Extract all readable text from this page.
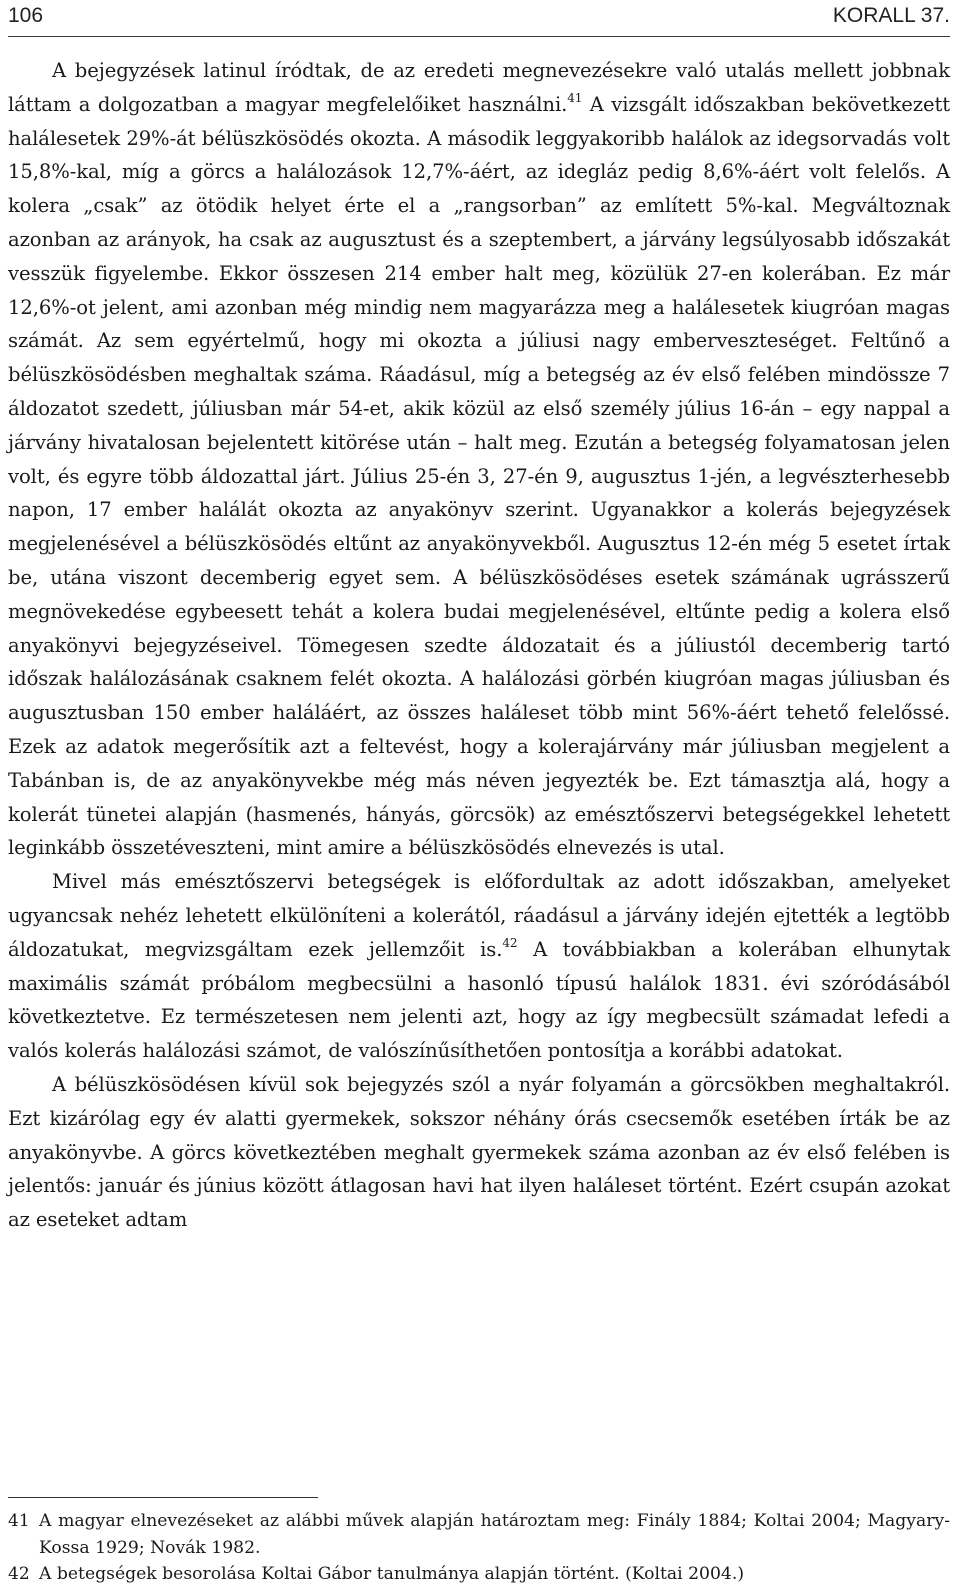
106	KORALL 37.

A bejegyzések latinul íródtak, de az eredeti megnevezésekre való utalás mellett jobbnak láttam a dolgozatban a magyar megfelelőiket használni.$^{41}$ A vizsgált időszakban bekövetkezett halálesetek 29%-át bélüszkösödés okozta. A második leggyakoribb halálok az idegsorvadás volt 15,8%-kal, míg a görcs a halálozások 12,7%-áért, az idegláz pedig 8,6%-áért volt felelős. A kolera „csak” az ötödik helyet érte el a „rangsorban” az említett 5%-kal. Megváltoznak azonban az arányok, ha csak az augusztust és a szeptembert, a járvány legsúlyosabb időszakát vesszük figyelembe. Ekkor összesen 214 ember halt meg, közülük 27-en kolerában. Ez már 12,6%-ot jelent, ami azonban még mindig nem magyarázza meg a halálesetek kiugróan magas számát. Az sem egyértelmű, hogy mi okozta a júliusi nagy emberveszteséget. Feltűnő a bélüszkösödésben meghaltak száma. Ráadásul, míg a betegség az év első felében mindössze 7 áldozatot szedett, júliusban már 54-et, akik közül az első személy július 16-án – egy nappal a járvány hivatalosan bejelentett kitörése után – halt meg. Ezután a betegség folyamatosan jelen volt, és egyre több áldozattal járt. Július 25-én 3, 27-én 9, augusztus 1-jén, a legvészterhesebb napon, 17 ember halálát okozta az anyakönyv szerint. Ugyanakkor a kolerás bejegyzések megjelenésével a bélüszkösödés eltűnt az anyakönyvekből. Augusztus 12-én még 5 esetet írtak be, utána viszont decemberig egyet sem. A bélüszkösödéses esetek számának ugrásszerű megnövekedése egybeesett tehát a kolera budai megjelenésével, eltűnte pedig a kolera első anyakönyvi bejegyzéseivel. Tömegesen szedte áldozatait és a júliustól decemberig tartó időszak halálozásának csaknem felét okozta. A halálozási görbén kiugróan magas júliusban és augusztusban 150 ember haláláért, az összes haláleset több mint 56%-áért tehető felelőssé. Ezek az adatok megerősítik azt a feltevést, hogy a kolerajárvány már júliusban megjelent a Tabánban is, de az anyakönyvekbe még más néven jegyezték be. Ezt támasztja alá, hogy a kolerát tünetei alapján (hasmenés, hányás, görcsök) az emésztőszervi betegségekkel lehetett leginkább összetéveszteni, mint amire a bélüszkösödés elnevezés is utal.

Mivel más emésztőszervi betegségek is előfordultak az adott időszakban, amelyeket ugyancsak nehéz lehetett elkülöníteni a kolerától, ráadásul a járvány idején ejtették a legtöbb áldozatukat, megvizsgáltam ezek jellemzőit is.$^{42}$ A továbbiakban a kolerában elhunytak maximális számát próbálom megbecsülni a hasonló típusú halálok 1831. évi szóródásából következtetve. Ez természetesen nem jelenti azt, hogy az így megbecsült számadat lefedi a valós kolerás halálozási számot, de valószínűsíthetően pontosítja a korábbi adatokat.

A bélüszkösödésen kívül sok bejegyzés szól a nyár folyamán a görcsökben meghaltakról. Ezt kizárólag egy év alatti gyermekek, sokszor néhány órás csecsemők esetében írták be az anyakönyvbe. A görcs következtében meghalt gyermekek száma azonban az év első felében is jelentős: január és június között átlagosan havi hat ilyen haláleset történt. Ezért csupán azokat az eseteket adtam

41 A magyar elnevezéseket az alábbi művek alapján határoztam meg: Finály 1884; Koltai 2004; Magyary-Kossa 1929; Novák 1982.

42 A betegségek besorolása Koltai Gábor tanulmánya alapján történt. (Koltai 2004.)
